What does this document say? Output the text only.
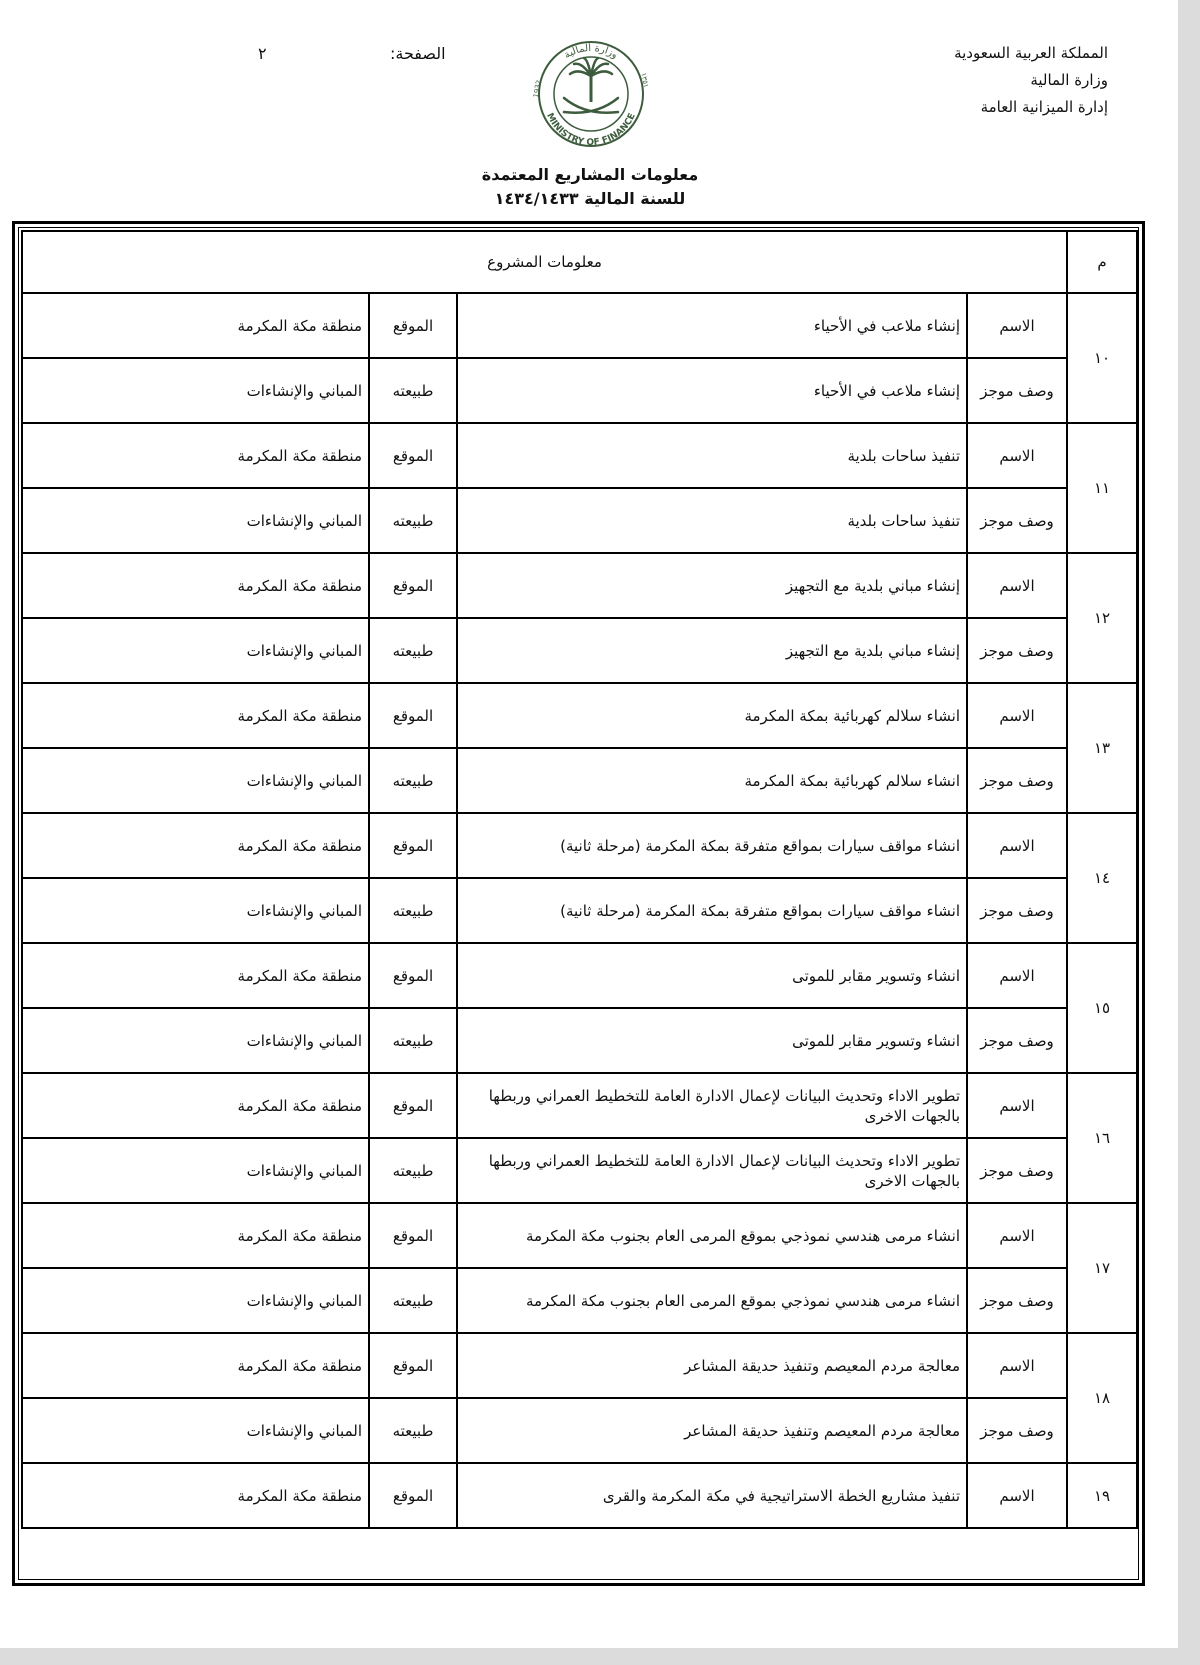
المملكة العربية السعودية
وزارة المالية
إدارة الميزانية العامة
وزارة المالية
MINISTRY OF FINANCE
1932	١٣٥١
الصفحة:
٢
معلومات المشاريع المعتمدة
للسنة المالية ١٤٣٤/١٤٣٣
م	معلومات المشروع			
١٠	الاسم	إنشاء ملاعب في الأحياء	الموقع	منطقة مكة المكرمة
	وصف موجز	إنشاء ملاعب في الأحياء	طبيعته	المباني والإنشاءات
١١	الاسم	تنفيذ ساحات بلدية	الموقع	منطقة مكة المكرمة
	وصف موجز	تنفيذ ساحات بلدية	طبيعته	المباني والإنشاءات
١٢	الاسم	إنشاء مباني بلدية مع التجهيز	الموقع	منطقة مكة المكرمة
	وصف موجز	إنشاء مباني بلدية مع التجهيز	طبيعته	المباني والإنشاءات
١٣	الاسم	انشاء سلالم كهربائية بمكة المكرمة	الموقع	منطقة مكة المكرمة
	وصف موجز	انشاء سلالم كهربائية بمكة المكرمة	طبيعته	المباني والإنشاءات
١٤	الاسم	انشاء مواقف سيارات بمواقع متفرقة بمكة المكرمة (مرحلة ثانية)	الموقع	منطقة مكة المكرمة
	وصف موجز	انشاء مواقف سيارات بمواقع متفرقة بمكة المكرمة (مرحلة ثانية)	طبيعته	المباني والإنشاءات
١٥	الاسم	انشاء وتسوير مقابر للموتى	الموقع	منطقة مكة المكرمة
	وصف موجز	انشاء وتسوير مقابر للموتى	طبيعته	المباني والإنشاءات
١٦	الاسم	تطوير الاداء وتحديث البيانات لإعمال الادارة العامة للتخطيط العمراني وربطها بالجهات الاخرى	الموقع	منطقة مكة المكرمة
	وصف موجز	تطوير الاداء وتحديث البيانات لإعمال الادارة العامة للتخطيط العمراني وربطها بالجهات الاخرى	طبيعته	المباني والإنشاءات
١٧	الاسم	انشاء مرمى هندسي نموذجي بموقع المرمى العام بجنوب مكة المكرمة	الموقع	منطقة مكة المكرمة
	وصف موجز	انشاء مرمى هندسي نموذجي بموقع المرمى العام بجنوب مكة المكرمة	طبيعته	المباني والإنشاءات
١٨	الاسم	معالجة مردم المعيصم وتنفيذ حديقة المشاعر	الموقع	منطقة مكة المكرمة
	وصف موجز	معالجة مردم المعيصم وتنفيذ حديقة المشاعر	طبيعته	المباني والإنشاءات
١٩	الاسم	تنفيذ مشاريع الخطة الاستراتيجية في مكة المكرمة والقرى	الموقع	منطقة مكة المكرمة
